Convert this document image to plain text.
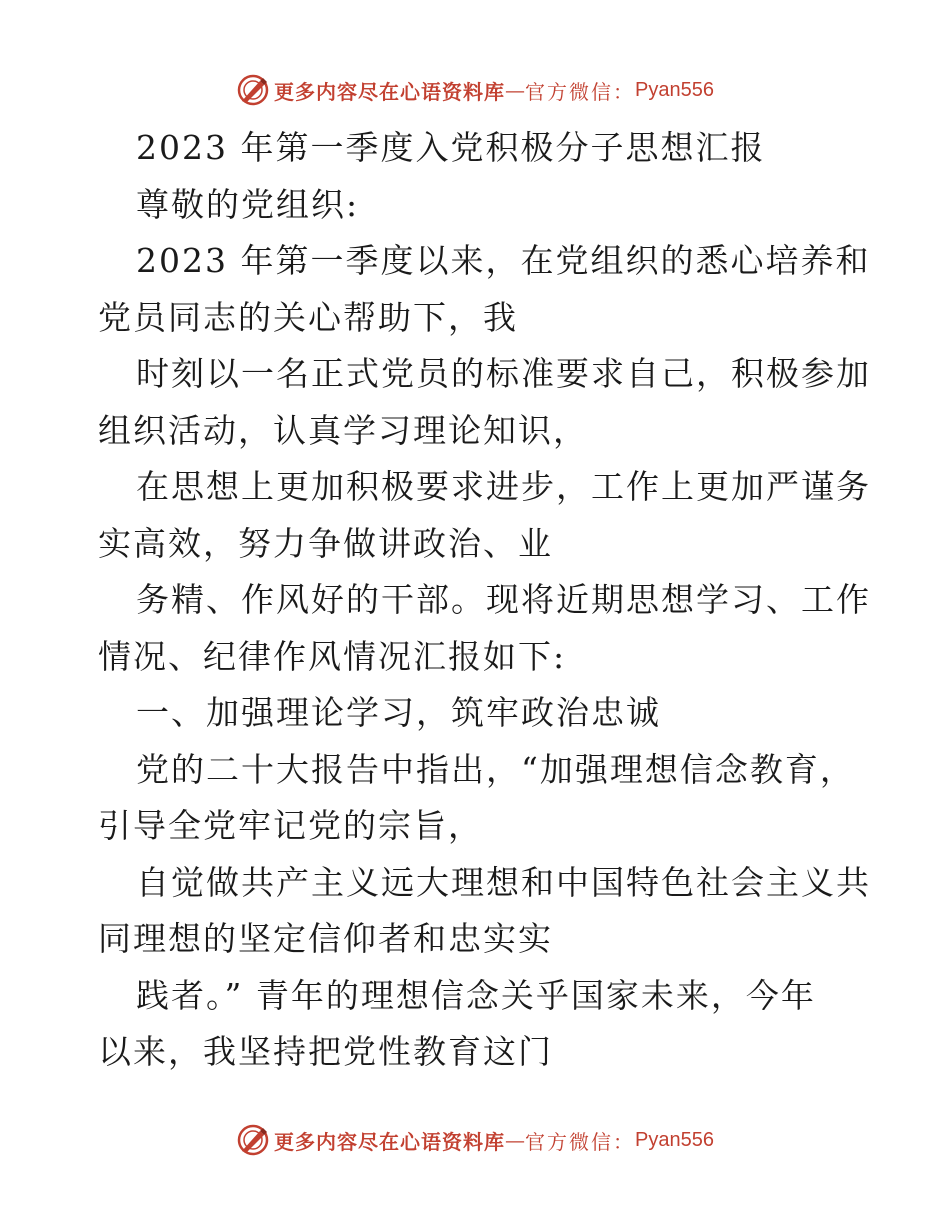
更多内容尽在心语资料库 — 官方微信： Pyan556
2023 年第一季度入党积极分子思想汇报
尊敬的党组织:
2023 年第一季度以来，在党组织的悉心培养和
党员同志的关心帮助下，我
时刻以一名正式党员的标准要求自己，积极参加
组织活动，认真学习理论知识，
在思想上更加积极要求进步，工作上更加严谨务
实高效，努力争做讲政治、业
务精、作风好的干部。现将近期思想学习、工作
情况、纪律作风情况汇报如下:
一、加强理论学习，筑牢政治忠诚
党的二十大报告中指出，“加强理想信念教育，
引导全党牢记党的宗旨，
自觉做共产主义远大理想和中国特色社会主义共
同理想的坚定信仰者和忠实实
践者。” 青年的理想信念关乎国家未来，今年
以来，我坚持把党性教育这门
更多内容尽在心语资料库 — 官方微信： Pyan556
